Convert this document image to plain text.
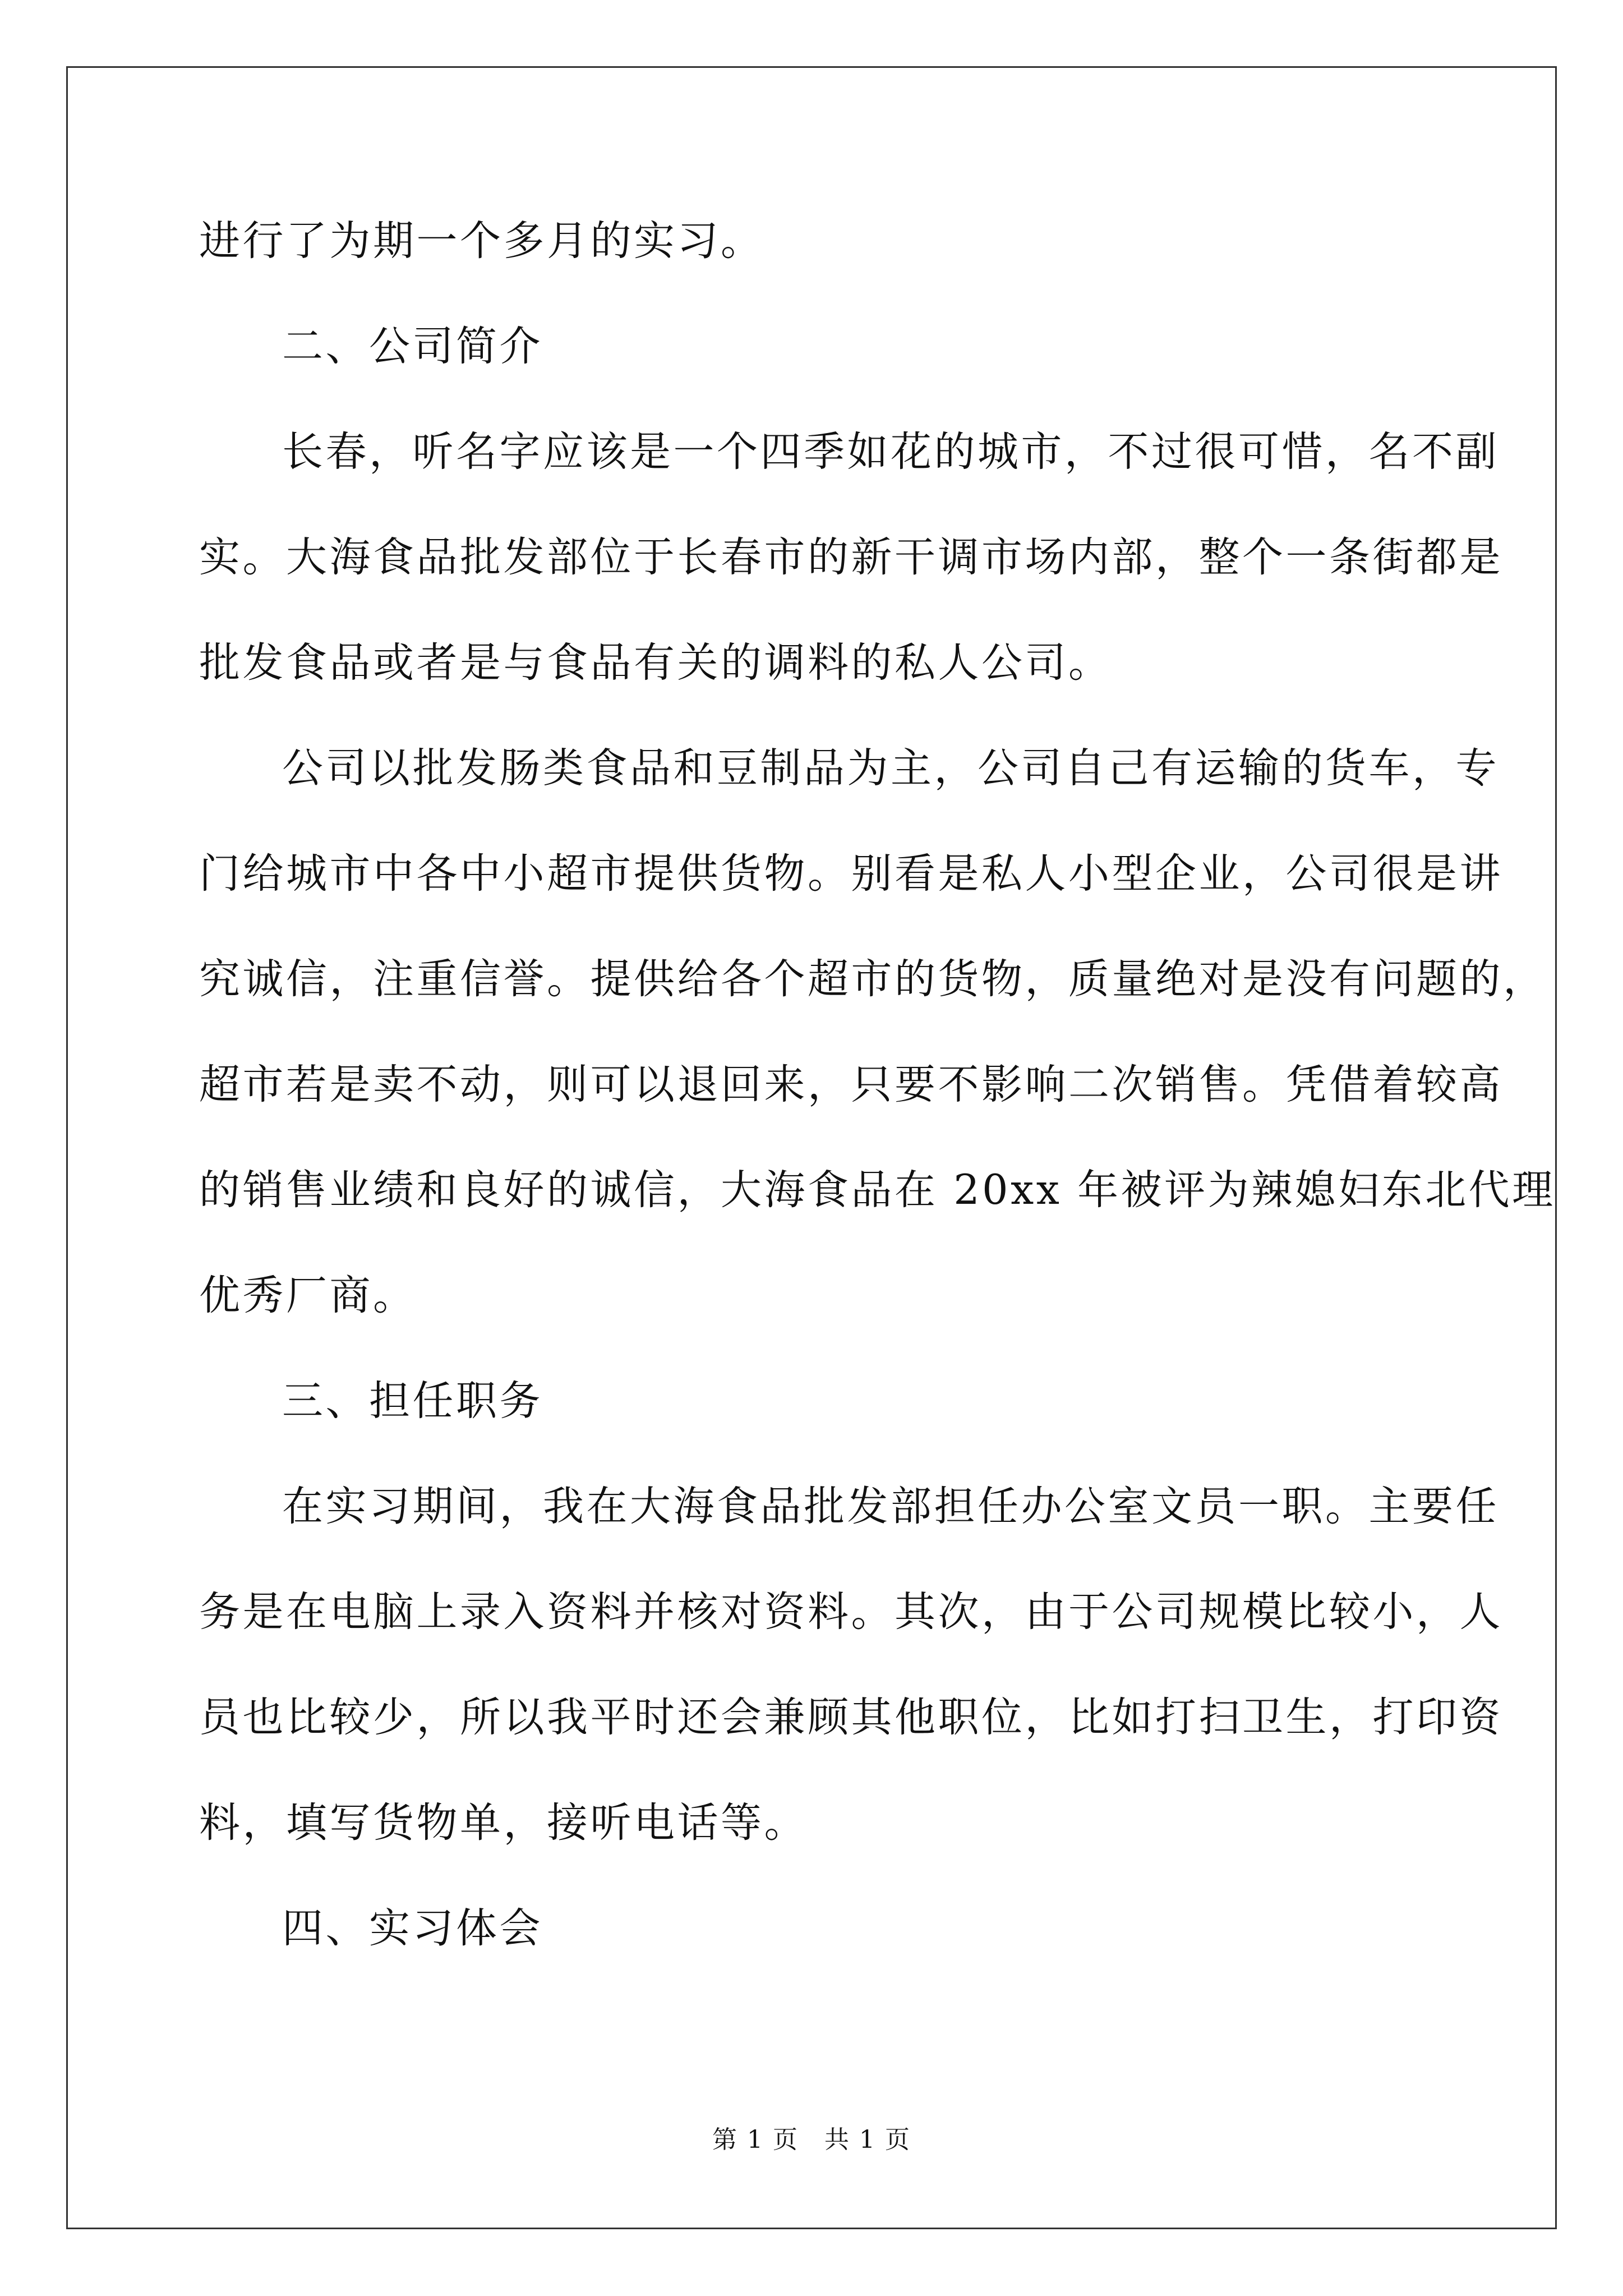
进行了为期一个多月的实习。
二、公司简介
长春，听名字应该是一个四季如花的城市，不过很可惜，名不副
实。大海食品批发部位于长春市的新干调市场内部，整个一条街都是
批发食品或者是与食品有关的调料的私人公司。
公司以批发肠类食品和豆制品为主，公司自己有运输的货车，专
门给城市中各中小超市提供货物。别看是私人小型企业，公司很是讲
究诚信，注重信誉。提供给各个超市的货物，质量绝对是没有问题的，
超市若是卖不动，则可以退回来，只要不影响二次销售。凭借着较高
的销售业绩和良好的诚信，大海食品在 20xx 年被评为辣媳妇东北代理
优秀厂商。
三、担任职务
在实习期间，我在大海食品批发部担任办公室文员一职。主要任
务是在电脑上录入资料并核对资料。其次，由于公司规模比较小，人
员也比较少，所以我平时还会兼顾其他职位，比如打扫卫生，打印资
料，填写货物单，接听电话等。
四、实习体会
第 1 页　共 1 页
